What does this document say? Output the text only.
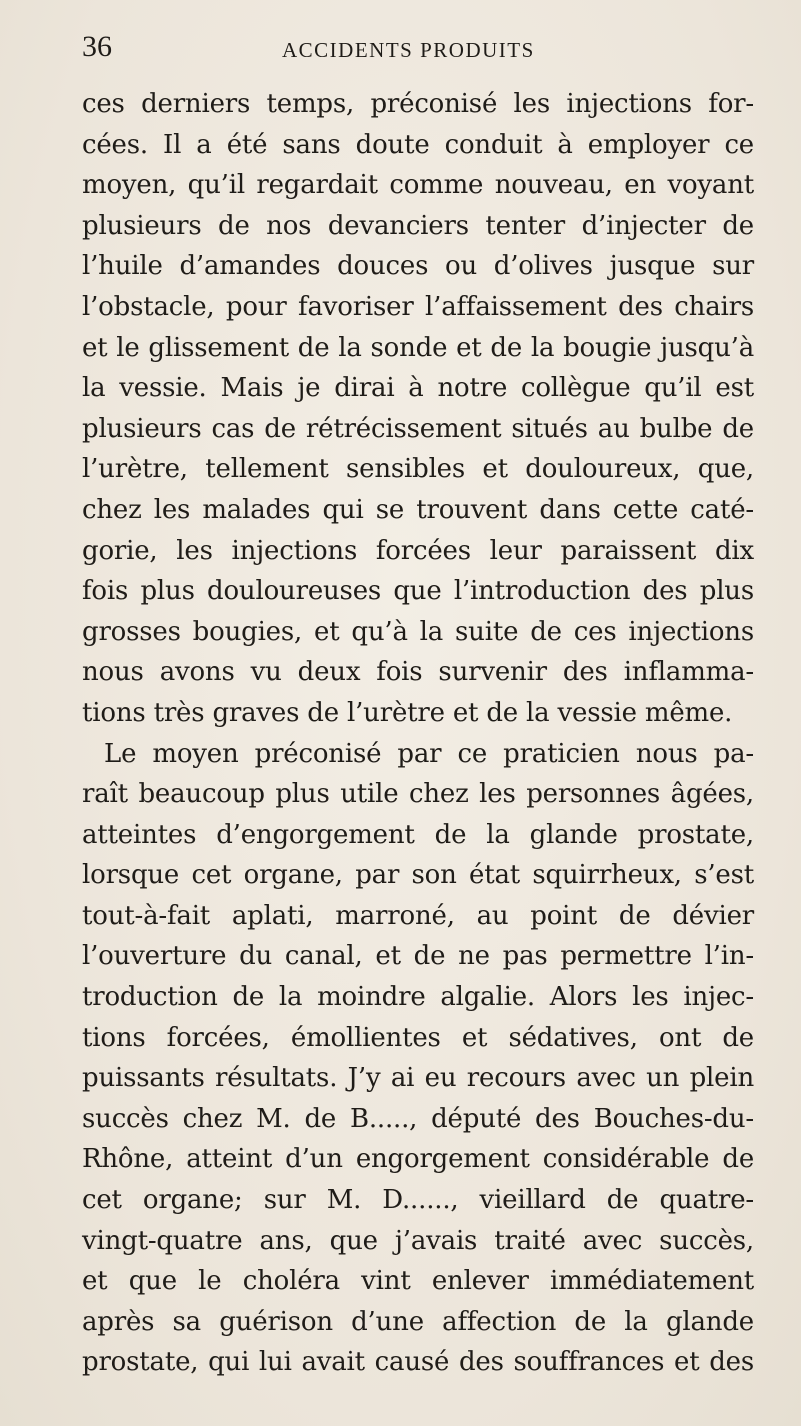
36	ACCIDENTS PRODUITS
ces derniers temps, préconisé les injections for-
cées. Il a été sans doute conduit à employer ce
moyen, qu’il regardait comme nouveau, en voyant
plusieurs de nos devanciers tenter d’injecter de
l’huile d’amandes douces ou d’olives jusque sur
l’obstacle, pour favoriser l’affaissement des chairs
et le glissement de la sonde et de la bougie jusqu’à
la vessie. Mais je dirai à notre collègue qu’il est
plusieurs cas de rétrécissement situés au bulbe de
l’urètre, tellement sensibles et douloureux, que,
chez les malades qui se trouvent dans cette caté-
gorie, les injections forcées leur paraissent dix
fois plus douloureuses que l’introduction des plus
grosses bougies, et qu’à la suite de ces injections
nous avons vu deux fois survenir des inflamma-
tions très graves de l’urètre et de la vessie même.
Le moyen préconisé par ce praticien nous pa-
raît beaucoup plus utile chez les personnes âgées,
atteintes d’engorgement de la glande prostate,
lorsque cet organe, par son état squirrheux, s’est
tout-à-fait aplati, marroné, au point de dévier
l’ouverture du canal, et de ne pas permettre l’in-
troduction de la moindre algalie. Alors les injec-
tions forcées, émollientes et sédatives, ont de
puissants résultats. J’y ai eu recours avec un plein
succès chez M. de B....., député des Bouches-du-
Rhône, atteint d’un engorgement considérable de
cet organe; sur M. D......, vieillard de quatre-
vingt-quatre ans, que j’avais traité avec succès,
et que le choléra vint enlever immédiatement
après sa guérison d’une affection de la glande
prostate, qui lui avait causé des souffrances et des
